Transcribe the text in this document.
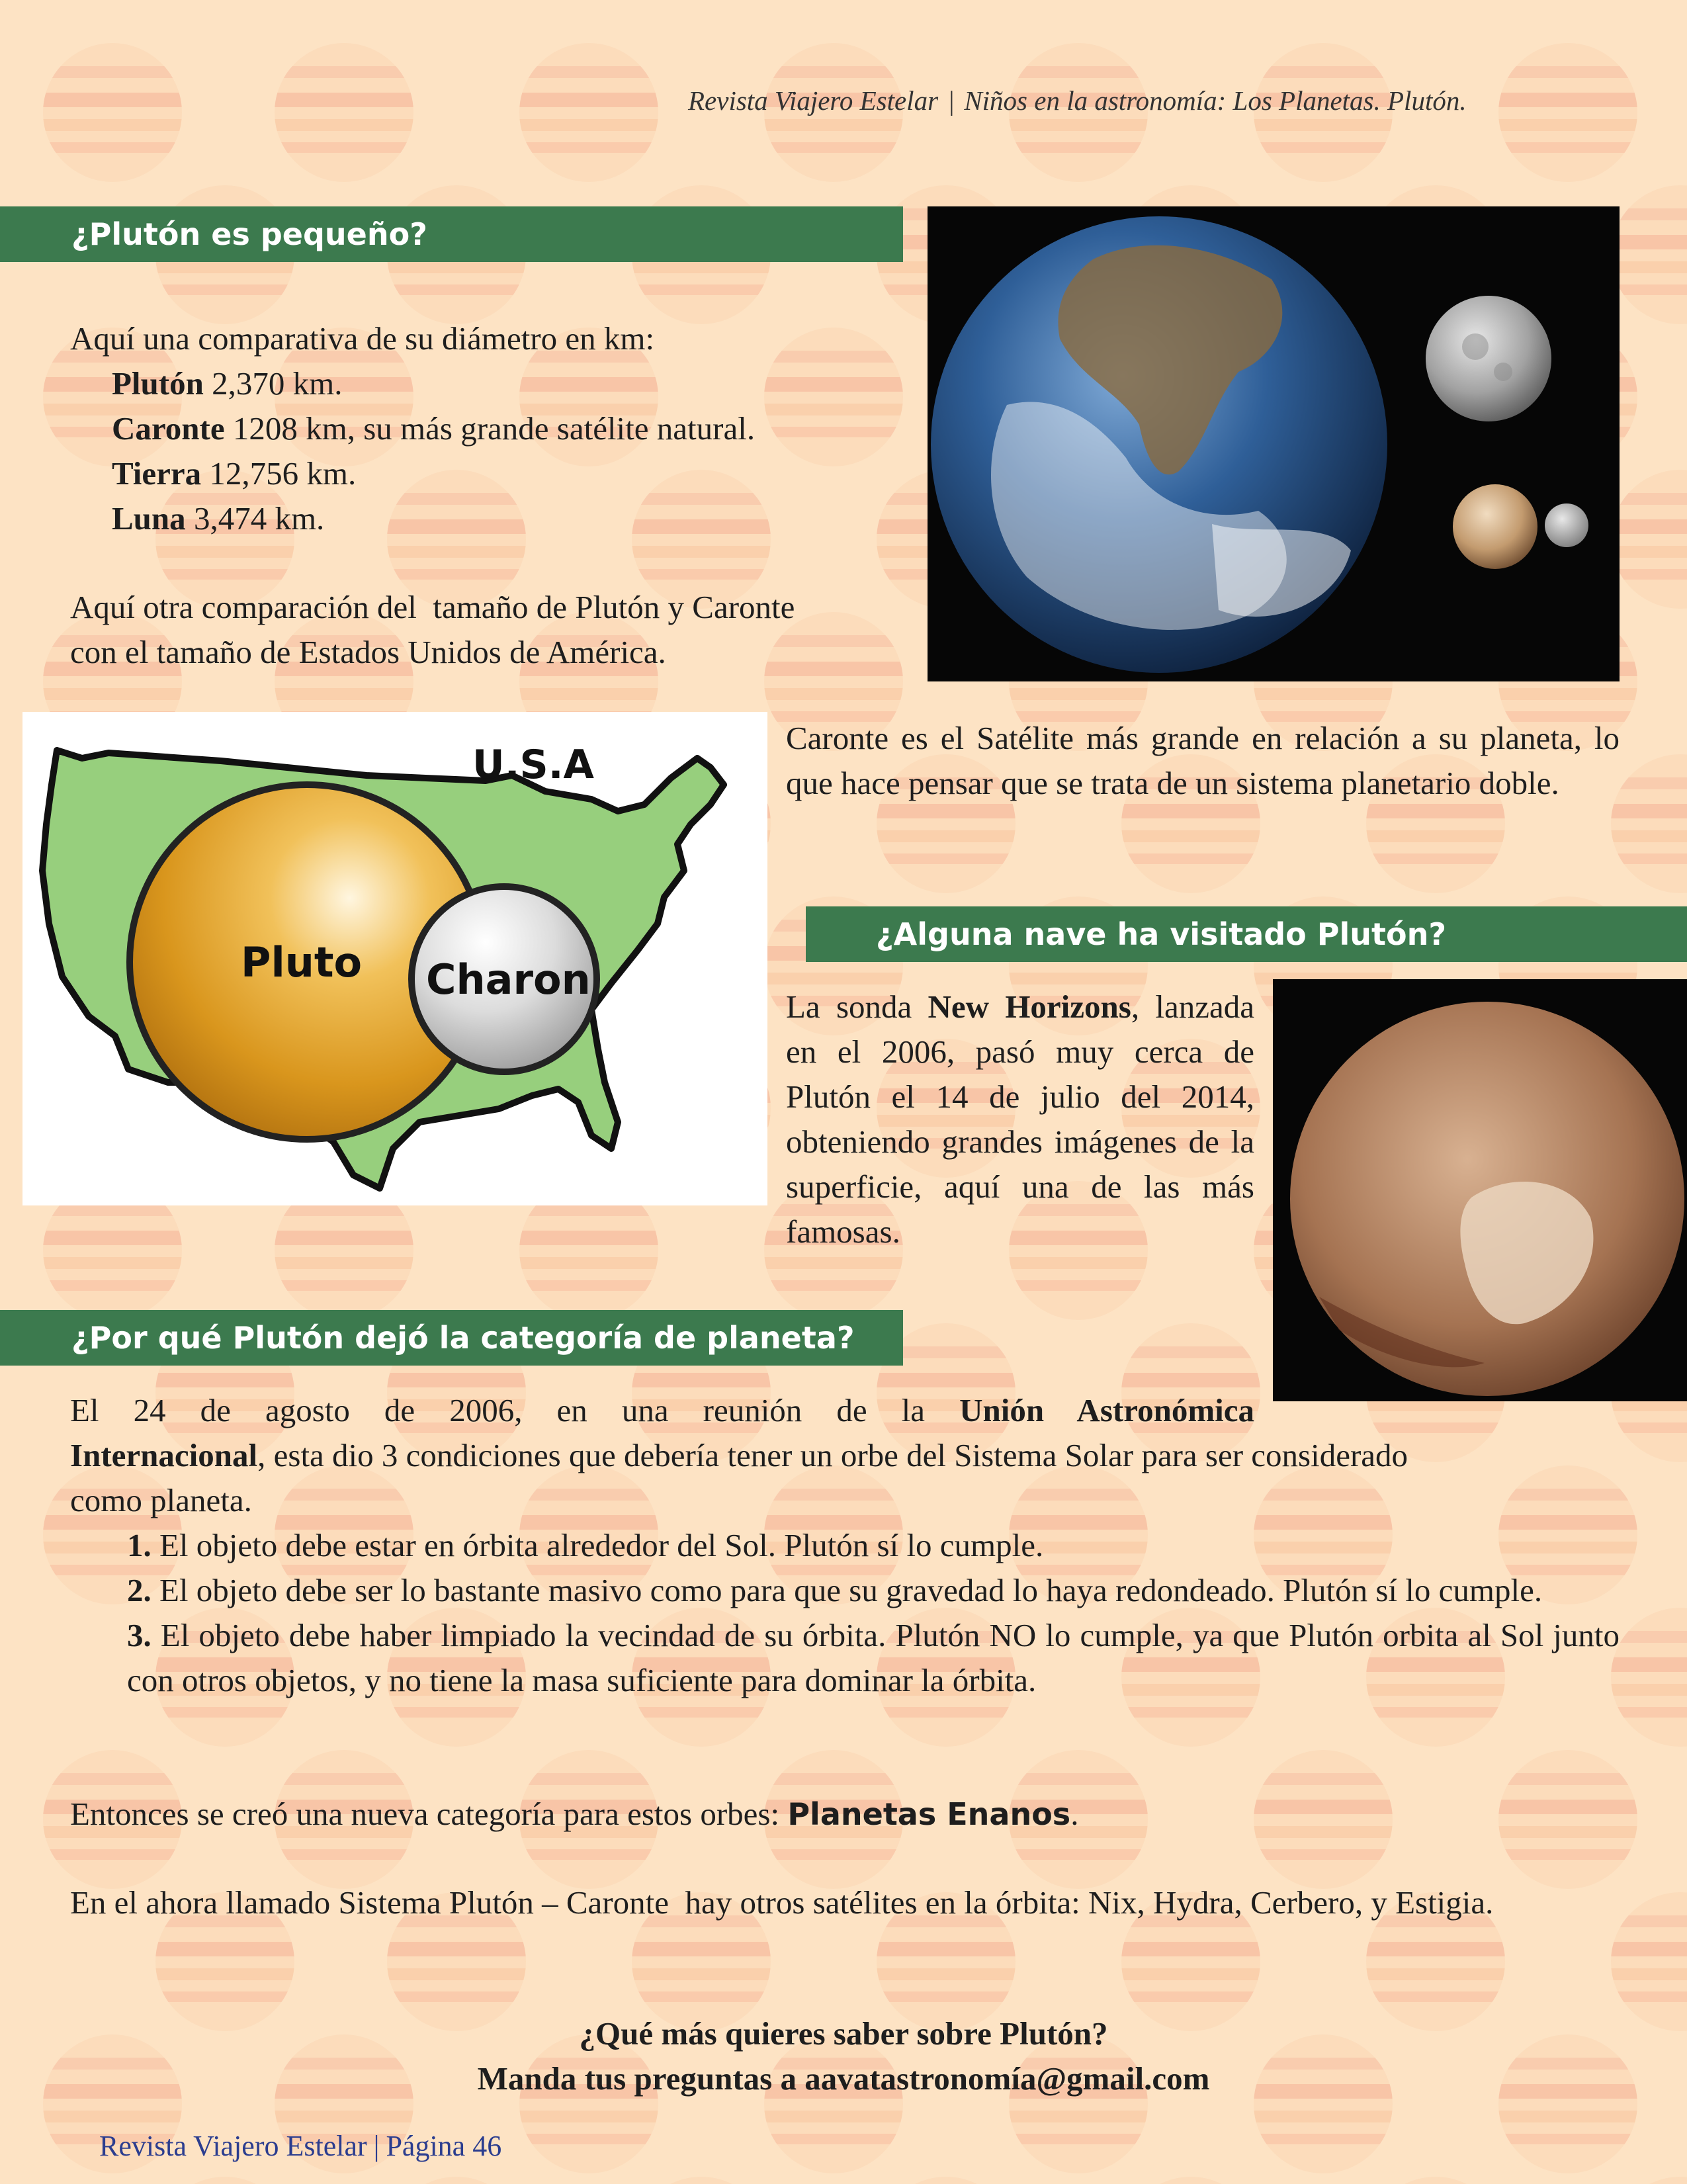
Revista Viajero Estelar | Niños en la astronomía: Los Planetas. Plutón.
¿Plutón es pequeño?
Aquí una comparativa de su diámetro en km:
Plutón 2,370 km.
Caronte 1208 km, su más grande satélite natural.
Tierra 12,756 km.
Luna 3,474 km.
Aquí otra comparación del  tamaño de Plutón y Caronte
con el tamaño de Estados Unidos de América.
U.S.A
Pluto Charon
Caronte es el Satélite más grande en relación a su planeta, lo que hace pensar que se trata de un sistema planetario doble.
¿Alguna nave ha visitado Plutón?
La sonda New Horizons, lanzada en el 2006, pasó muy cerca de Plutón el 14 de julio del 2014, obteniendo grandes imágenes de la superficie, aquí una de las más famosas.
¿Por qué Plutón dejó la categoría de planeta?
El 24 de agosto de 2006, en una reunión de la Unión Astronómica
Internacional, esta dio 3 condiciones que debería tener un orbe del Sistema Solar para ser considerado
como planeta.
1. El objeto debe estar en órbita alrededor del Sol. Plutón sí lo cumple.
2. El objeto debe ser lo bastante masivo como para que su gravedad lo haya redondeado. Plutón sí lo cumple.
3. El objeto debe haber limpiado la vecindad de su órbita. Plutón NO lo cumple, ya que Plutón orbita al Sol junto con otros objetos, y no tiene la masa suficiente para dominar la órbita.
Entonces se creó una nueva categoría para estos orbes: Planetas Enanos.
En el ahora llamado Sistema Plutón – Caronte  hay otros satélites en la órbita: Nix, Hydra, Cerbero, y Estigia.
¿Qué más quieres saber sobre Plutón?
Manda tus preguntas a aavatastronomía@gmail.com
Revista Viajero Estelar | Página 46
